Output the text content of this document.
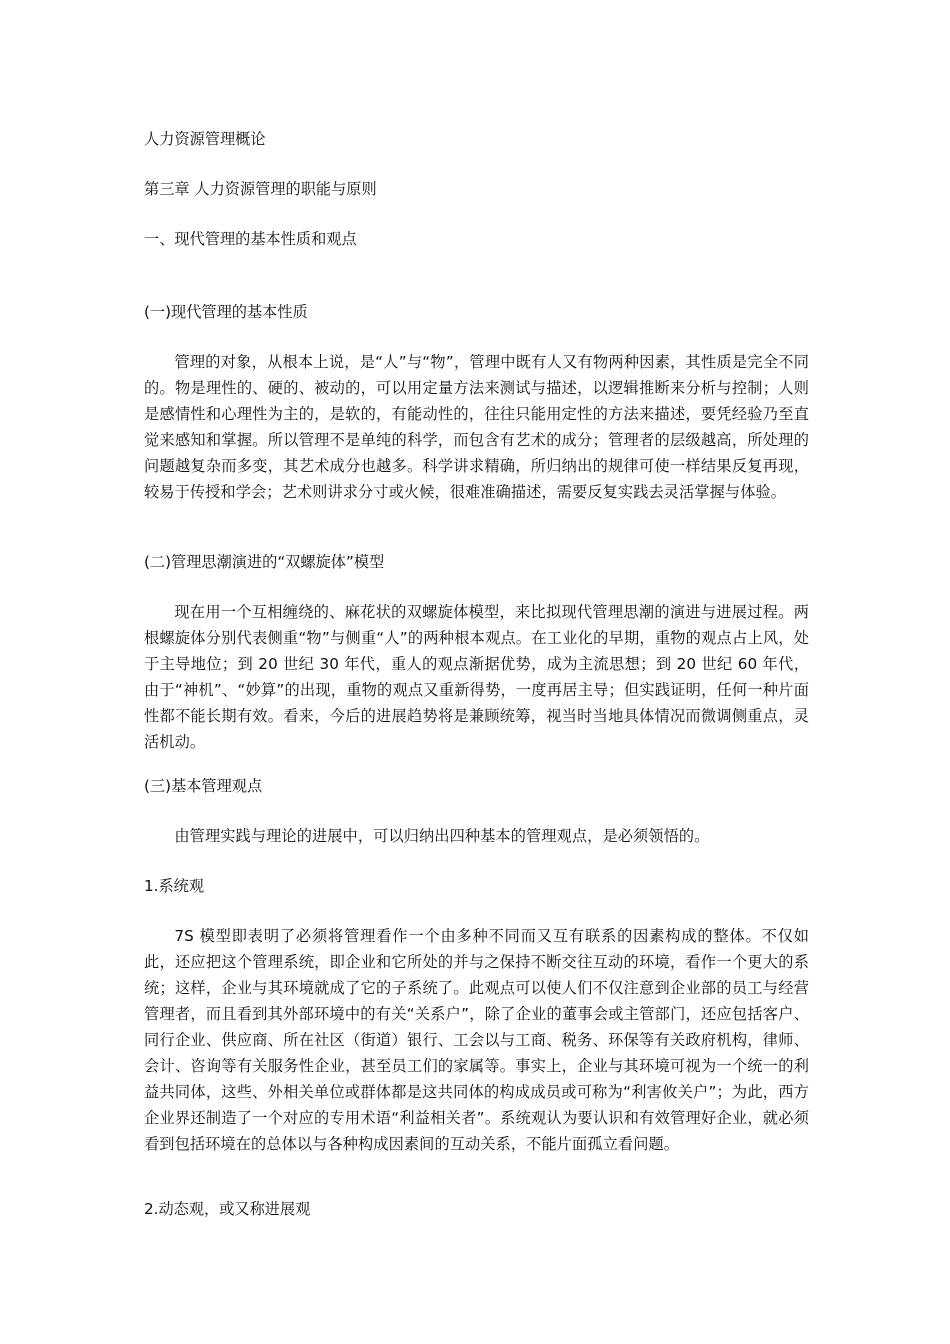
人力资源管理概论
第三章 人力资源管理的职能与原则
一、现代管理的基本性质和观点
(一)现代管理的基本性质
管理的对象，从根本上说，是“人”与“物”，管理中既有人又有物两种因素，其性质是完全不同的。物是理性的、硬的、被动的，可以用定量方法来测试与描述，以逻辑推断来分析与控制；人则是感情性和心理性为主的，是软的，有能动性的，往往只能用定性的方法来描述，要凭经验乃至直觉来感知和掌握。所以管理不是单纯的科学，而包含有艺术的成分；管理者的层级越高，所处理的问题越复杂而多变，其艺术成分也越多。科学讲求精确，所归纳出的规律可使一样结果反复再现，较易于传授和学会；艺术则讲求分寸或火候，很难准确描述，需要反复实践去灵活掌握与体验。
(二)管理思潮演进的“双螺旋体”模型
现在用一个互相缠绕的、麻花状的双螺旋体模型，来比拟现代管理思潮的演进与进展过程。两根螺旋体分别代表侧重“物”与侧重“人”的两种根本观点。在工业化的早期，重物的观点占上风，处于主导地位；到 20 世纪 30 年代，重人的观点渐据优势，成为主流思想；到 20 世纪 60 年代，由于“神机”、“妙算”的出现，重物的观点又重新得势，一度再居主导；但实践证明，任何一种片面性都不能长期有效。看来，今后的进展趋势将是兼顾统筹，视当时当地具体情况而微调侧重点，灵活机动。
(三)基本管理观点
由管理实践与理论的进展中，可以归纳出四种基本的管理观点，是必须领悟的。
1.系统观
7S 模型即表明了必须将管理看作一个由多种不同而又互有联系的因素构成的整体。不仅如此，还应把这个管理系统，即企业和它所处的并与之保持不断交往互动的环境，看作一个更大的系统；这样，企业与其环境就成了它的子系统了。此观点可以使人们不仅注意到企业部的员工与经营管理者，而且看到其外部环境中的有关“关系户”，除了企业的董事会或主管部门，还应包括客户、同行企业、供应商、所在社区（街道）银行、工会以与工商、税务、环保等有关政府机构，律师、会计、咨询等有关服务性企业，甚至员工们的家属等。事实上，企业与其环境可视为一个统一的利益共同体，这些、外相关单位或群体都是这共同体的构成成员或可称为“利害攸关户”；为此，西方企业界还制造了一个对应的专用术语“利益相关者”。系统观认为要认识和有效管理好企业，就必须看到包括环境在的总体以与各种构成因素间的互动关系，不能片面孤立看问题。
2.动态观，或又称进展观
